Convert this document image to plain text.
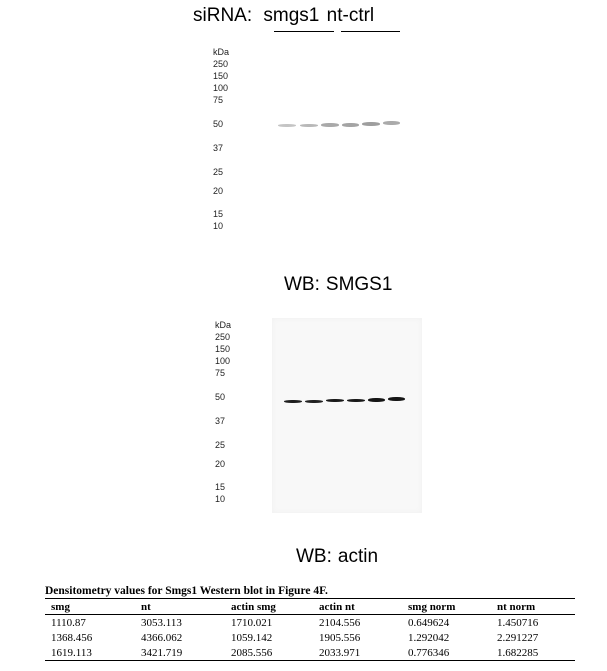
siRNA: smgs1 nt-ctrl
kDa
250
150
100
75
50
37
25
20
15
10
WB: SMGS1
kDa
250
150
100
75
50
37
25
20
15
10
WB: actin
Densitometry values for Smgs1 Western blot in Figure 4F.
smg	nt	actin smg	actin nt	smg norm	nt norm
1110.87	3053.113	1710.021	2104.556	0.649624	1.450716
1368.456	4366.062	1059.142	1905.556	1.292042	2.291227
1619.113	3421.719	2085.556	2033.971	0.776346	1.682285
